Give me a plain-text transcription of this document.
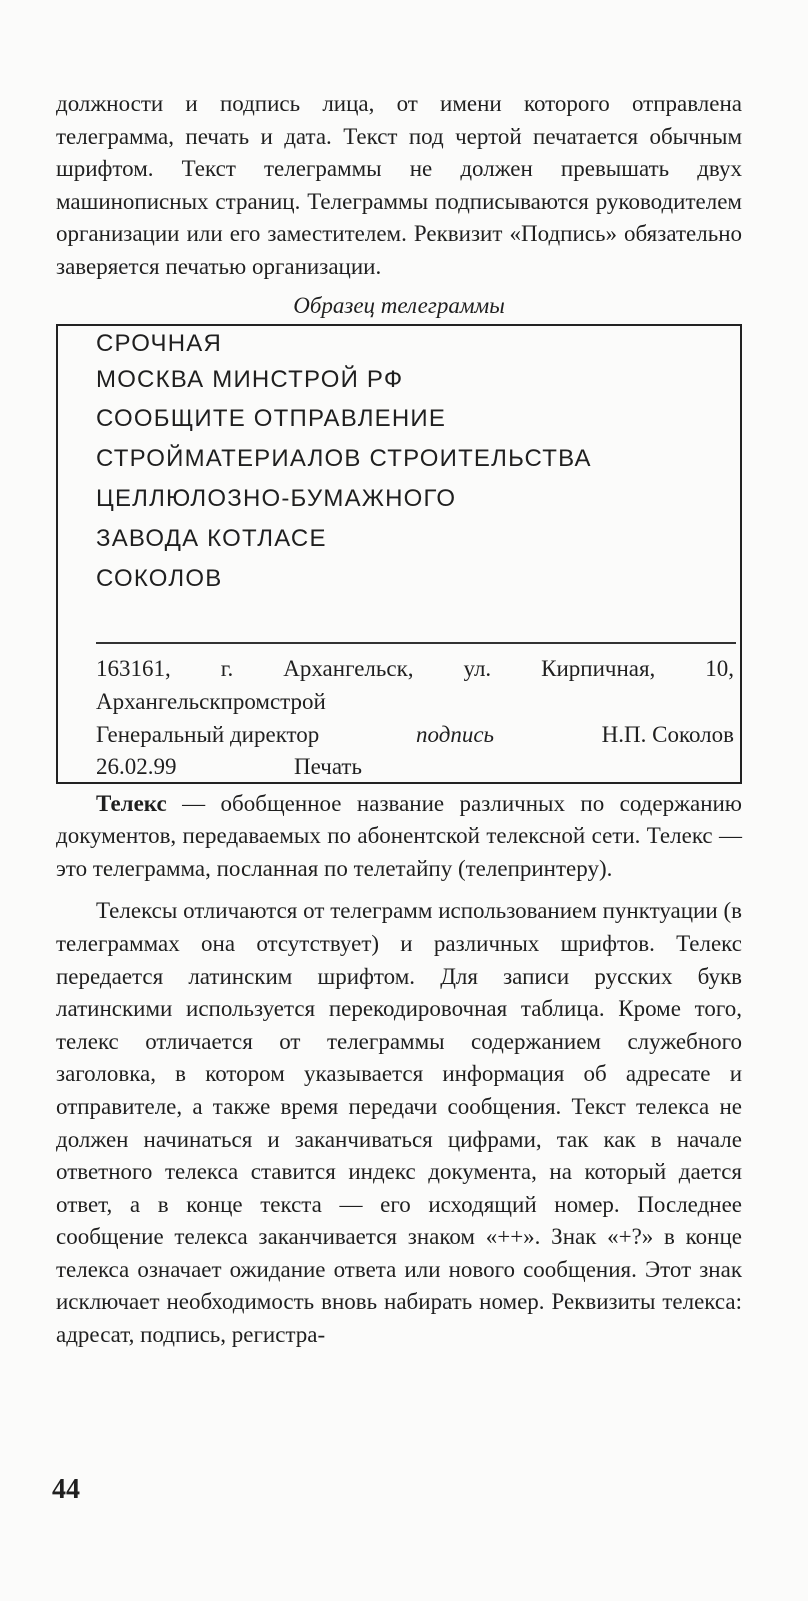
должности и подпись лица, от имени которого отправлена телеграмма, печать и дата. Текст под чертой печатается обычным шрифтом. Текст телеграммы не должен превышать двух машинописных страниц. Телеграммы подписываются руководителем организации или его заместителем. Реквизит «Подпись» обязательно заверяется печатью организации.

Образец телеграммы
СРОЧНАЯ
МОСКВА МИНСТРОЙ РФ
СООБЩИТЕ ОТПРАВЛЕНИЕ
СТРОЙМАТЕРИАЛОВ СТРОИТЕЛЬСТВА
ЦЕЛЛЮЛОЗНО-БУМАЖНОГО
ЗАВОДА КОТЛАСЕ
СОКОЛОВ
163161, г. Архангельск, ул. Кирпичная, 10, Архангельскпромстрой
Генеральный директор	подпись	Н.П. Соколов
26.02.99	Печать

Телекс — обобщенное название различных по содержанию документов, передаваемых по абонентской телексной сети. Телекс — это телеграмма, посланная по телетайпу (телепринтеру).

Телексы отличаются от телеграмм использованием пунктуации (в телеграммах она отсутствует) и различных шрифтов. Телекс передается латинским шрифтом. Для записи русских букв латинскими используется перекодировочная таблица. Кроме того, телекс отличается от телеграммы содержанием служебного заголовка, в котором указывается информация об адресате и отправителе, а также время передачи сообщения. Текст телекса не должен начинаться и заканчиваться цифрами, так как в начале ответного телекса ставится индекс документа, на который дается ответ, а в конце текста — его исходящий номер. Последнее сообщение телекса заканчивается знаком «++». Знак «+?» в конце телекса означает ожидание ответа или нового сообщения. Этот знак исключает необходимость вновь набирать номер. Реквизиты телекса: адресат, подпись, регистра-

44
